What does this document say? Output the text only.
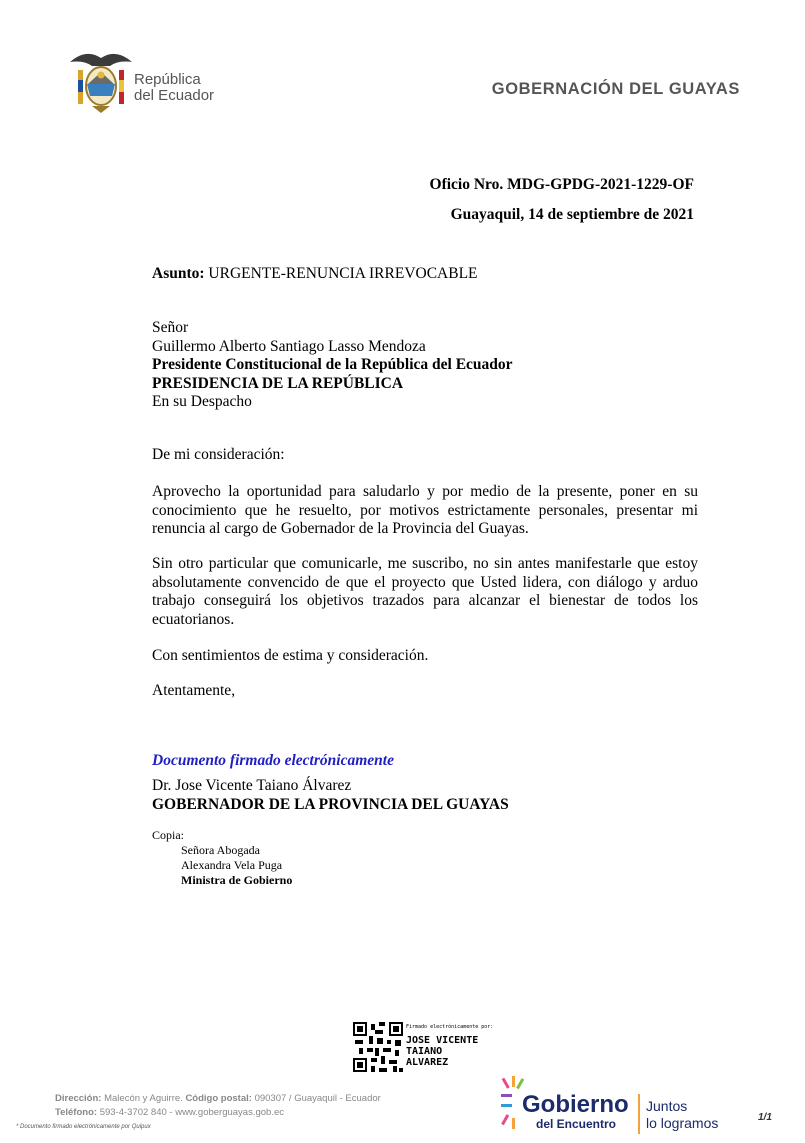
República
del Ecuador	GOBERNACIÓN DEL GUAYAS
Oficio Nro. MDG-GPDG-2021-1229-OF
Guayaquil, 14 de septiembre de 2021
Asunto: URGENTE-RENUNCIA IRREVOCABLE
Señor
Guillermo Alberto Santiago Lasso Mendoza
Presidente Constitucional de la República del Ecuador
PRESIDENCIA DE LA REPÚBLICA
En su Despacho
De mi consideración:
Aprovecho la oportunidad para saludarlo y por medio de la presente, poner en su conocimiento que he resuelto, por motivos estrictamente personales, presentar mi renuncia al cargo de Gobernador de la Provincia del Guayas.
Sin otro particular que comunicarle, me suscribo, no sin antes manifestarle que estoy absolutamente convencido de que el proyecto que Usted lidera, con diálogo y arduo trabajo conseguirá los objetivos trazados para alcanzar el bienestar de todos los ecuatorianos.
Con sentimientos de estima y consideración.
Atentamente,
Documento firmado electrónicamente
Dr. Jose Vicente Taiano Álvarez
GOBERNADOR DE LA PROVINCIA DEL GUAYAS
Copia:
Señora Abogada
Alexandra Vela Puga
Ministra de Gobierno
Firmado electrónicamente por:
JOSE VICENTE
TAIANO
ALVAREZ
Dirección: Malecón y Aguirre. Código postal: 090307 / Guayaquil - Ecuador
Teléfono: 593-4-3702 840 - www.goberguayas.gob.ec
* Documento firmado electrónicamente por Quipux
Gobierno
del Encuentro
Juntos
lo logramos	1/1
